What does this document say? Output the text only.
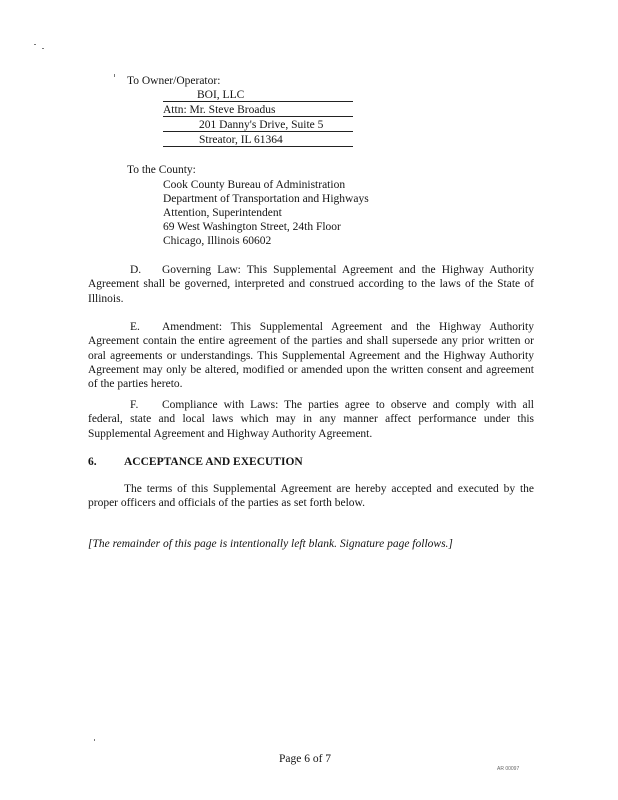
To Owner/Operator:
BOI, LLC
Attn: Mr. Steve Broadus
201 Danny's Drive, Suite 5
Streator, IL 61364
To the County:
Cook County Bureau of Administration
Department of Transportation and Highways
Attention, Superintendent
69 West Washington Street, 24th Floor
Chicago, Illinois 60602
D. Governing Law: This Supplemental Agreement and the Highway Authority Agreement shall be governed, interpreted and construed according to the laws of the State of Illinois.
E. Amendment: This Supplemental Agreement and the Highway Authority Agreement contain the entire agreement of the parties and shall supersede any prior written or oral agreements or understandings. This Supplemental Agreement and the Highway Authority Agreement may only be altered, modified or amended upon the written consent and agreement of the parties hereto.
F. Compliance with Laws: The parties agree to observe and comply with all federal, state and local laws which may in any manner affect performance under this Supplemental Agreement and Highway Authority Agreement.
6. ACCEPTANCE AND EXECUTION
The terms of this Supplemental Agreement are hereby accepted and executed by the proper officers and officials of the parties as set forth below.
[The remainder of this page is intentionally left blank. Signature page follows.]
Page 6 of 7
AR 00097
